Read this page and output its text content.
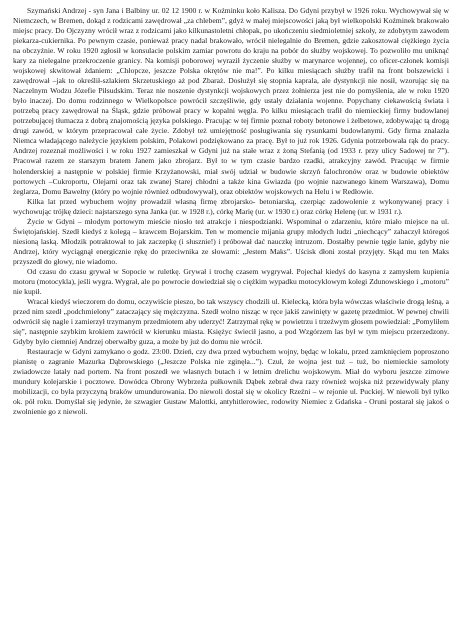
Szymański Andrzej - syn Jana i Balbiny ur. 02 12 1900 r. w Koźminku koło Kalisza. Do Gdyni przybył w 1926 roku. Wychowywał się w Niemczech, w Bremen, dokąd z rodzicami zawędrował „za chlebem”, gdyż w małej miejscowości jaką był wielkopolski Koźminek brakowało miejsc pracy. Do Ojczyzny wrócił wraz z rodzicami jako kilkunastoletni chłopak, po ukończeniu siedmioletniej szkoły, ze zdobytym zawodem piekarza-cukiernika. Po pewnym czasie, ponieważ pracy nadal brakowało, wrócił nielegalnie do Bremen, gdzie zakosztował ciężkiego życia na obczyźnie. W roku 1920 zgłosił w konsulacie polskim zamiar powrotu do kraju na pobór do służby wojskowej. To pozwoliło mu uniknąć kary za nielegalne przekroczenie granicy. Na komisji poborowej wyraził życzenie służby w marynarce wojennej, co oficer-członek komisji wojskowej skwitował żdaniem: „Chłopcze, jeszcze Polska okrętów nie ma!”. Po kilku miesiącach służby trafił na front bolszewicki i zawędrował –jak to określił-szlakiem Skrzetuskiego aż pod Zbaraż. Dosłużył się stopnia kaprala, ale dystynkcji nie nosił, wzorując się na Naczelnym Wodzu Józefie Piłsudskim. Teraz nie noszenie dystynkcji wojskowych przez żołnierza jest nie do pomyślenia, ale w roku 1920 było inaczej. Do domu rodzinnego w Wielkopolsce powrócił szczęśliwie, gdy ustały działania wojenne. Popychany ciekawością świata i potrzebą pracy zawędrował na Śląsk, gdzie próbował pracy w kopalni węgla. Po kilku miesiącach trafił do niemieckiej firmy budowlanej potrzebującej tłumacza z dobrą znajomością języka polskiego. Pracując w tej firmie poznał roboty betonowe i żelbetowe, zdobywając tą drogą drugi zawód, w którym przepracował całe życie. Zdobył też umiejętność posługiwania się rysunkami budowlanymi. Gdy firma znalazła Niemca władającego należycie językiem polskim, Polakowi podziękowano za pracę. Był to już rok 1926. Gdynia potrzebowała rąk do pracy. Andrzej rozeznał możliwości i w roku 1927 zamieszkał w Gdyni już na stałe wraz z żoną Stefanią (od 1933 r. przy ulicy Sadowej nr 7”). Pracował razem ze starszym bratem Janem jako zbrojarz. Był to w tym czasie bardzo rzadki, atrakcyjny zawód. Pracując w firmie holenderskiej a następnie w polskiej firmie Krzyżanowski, miał swój udział w budowie skrzyń falochronów oraz w budowie obiektów portowych –Cukroportu, Olejarni oraz tak zwanej Stareј chłodni a także kina Gwiazda (po wojnie nazwanego kinem Warszawa), Domu żeglarza, Domu Bawełny (który po wojnie również odbudowywał), oraz obiektów wojskowych na Helu i w Redłowie.

Kilka lat przed wybuchem wojny prowadził własną firmę zbrojarsko- betoniarską, czerpiąc zadowolenie z wykonywanej pracy i wychowując trójkę dzieci: najstarszego syna Janka (ur. w 1928 r.), córkę Marię (ur. w 1930 r.) oraz córkę Helenę (ur. w 1931 r.).

Życie w Gdyni – młodym portowym mieście niosło też atrakcje i niespodzianki. Wspominał o zdarzeniu, które miało miejsce na ul. Świętojańskiej. Szedł kiedyś z kolegą – krawcem Bojarskim. Ten w momencie mijania grupy młodych ludzi „niechcący” zahaczył któregoś niesioną laską. Młodzik potraktował to jak zaczepkę (i słusznie!) i próbował dać nauczkę intruzom. Dostałby pewnie tęgie lanie, gdyby nie Andrzej, który wyciągnął energicznie rękę do przeciwnika ze słowami: „Jestem Maks”. Uścisk dłoni został przyjęty. Skąd mu ten Maks przyszedł do głowy, nie wiadomo.

Od czasu do czasu grywał w Sopocie w ruletkę. Grywał i trochę czasem wygrywał. Pojechał kiedyś do kasyna z zamysłem kupienia motoru (motocykla), jeśli wygra. Wygrał, ale po powrocie dowiedział się o ciężkim wypadku motocyklowym kolegi Zdunowskiego i „motoru” nie kupił.

Wracał kiedyś wieczorem do domu, oczywiście pieszo, bo tak wszyscy chodzili ul. Kielecką, która była wówczas właściwie drogą leśną, a przed nim szedł „podchmielony” zataczający się mężczyzna. Szedł wolno nisząc w ręce jakiś zawinięty w gazetę przedmiot. W pewnej chwili odwrócił się nagle i zamierzył trzymanym przedmiotem aby uderzyć! Zatrzymał rękę w powietrzu i trzeźwym głosem powiedział: „Pomyliłem się”, następnie szybkim krokiem zawrócił w kierunku miasta. Księżyc świecił jasno, a pod Wzgórzem las był w tym miejscu przerzedzony. Gdyby było ciemniej Andrzej oberwałby guza, a może by już do domu nie wrócił.

Restauracje w Gdyni zamykano o godz. 23:00. Dzień, czy dwa przed wybuchem wojny, będąc w lokalu, przed zamknięciem poproszono pianistę o zagranie Mazurka Dąbrowskiego („Jeszcze Polska nie zginęła...”). Czuł, że wojna jest tuż – tuż, bo niemieckie samoloty zwiadowcze latały nad portem. Na front poszedł we własnych butach i w letnim drelichu wojskowym. Miał do wyboru jeszcze zimowe mundury kolejarskie i pocztowe. Dowódca Obrony Wybrzeża pułkownik Dąbek zebrał dwa razy również wojska niż przewidywały plany mobilizacji, co była przyczyną braków umundurowania. Do niewoli dostał się w okolicy Rzeźni – w rejonie ul. Puckiej. W niewoli był tylko ok. pół roku. Domyślał się jedynie, że szwagier Gustaw Malottki, antyhitlerowiec, rodowity Niemiec z Gdańska - Oruni postarał się jakoś o zwolnienie go z niewoli.
